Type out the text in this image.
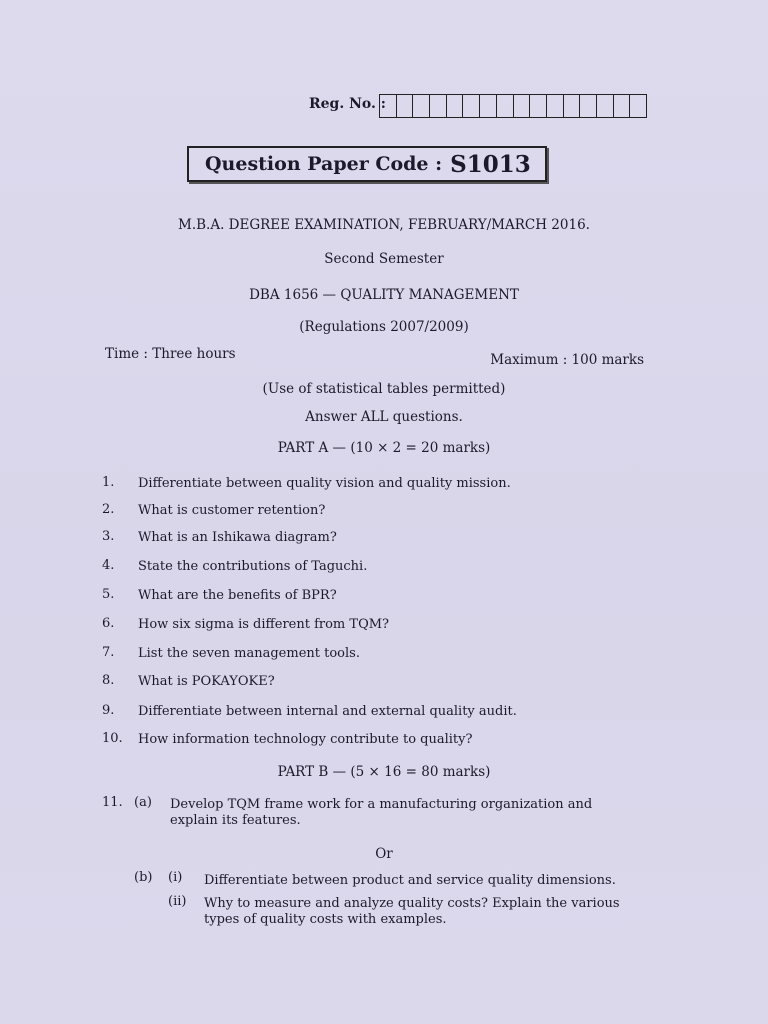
Reg. No. :
Question Paper Code : S1013
M.B.A. DEGREE EXAMINATION, FEBRUARY/MARCH 2016.
Second Semester
DBA 1656 — QUALITY MANAGEMENT
(Regulations 2007/2009)
Time : Three hours	Maximum : 100 marks
(Use of statistical tables permitted)
Answer ALL questions.
PART A — (10 × 2 = 20 marks)
1.	Differentiate between quality vision and quality mission.
2.	What is customer retention?
3.	What is an Ishikawa diagram?
4.	State the contributions of Taguchi.
5.	What are the benefits of BPR?
6.	How six sigma is different from TQM?
7.	List the seven management tools.
8.	What is POKAYOKE?
9.	Differentiate between internal and external quality audit.
10.	How information technology contribute to quality?
PART B — (5 × 16 = 80 marks)
11. (a) Develop TQM frame work for a manufacturing organization and explain its features.
Or
(b) (i) Differentiate between product and service quality dimensions.
(ii) Why to measure and analyze quality costs? Explain the various types of quality costs with examples.
